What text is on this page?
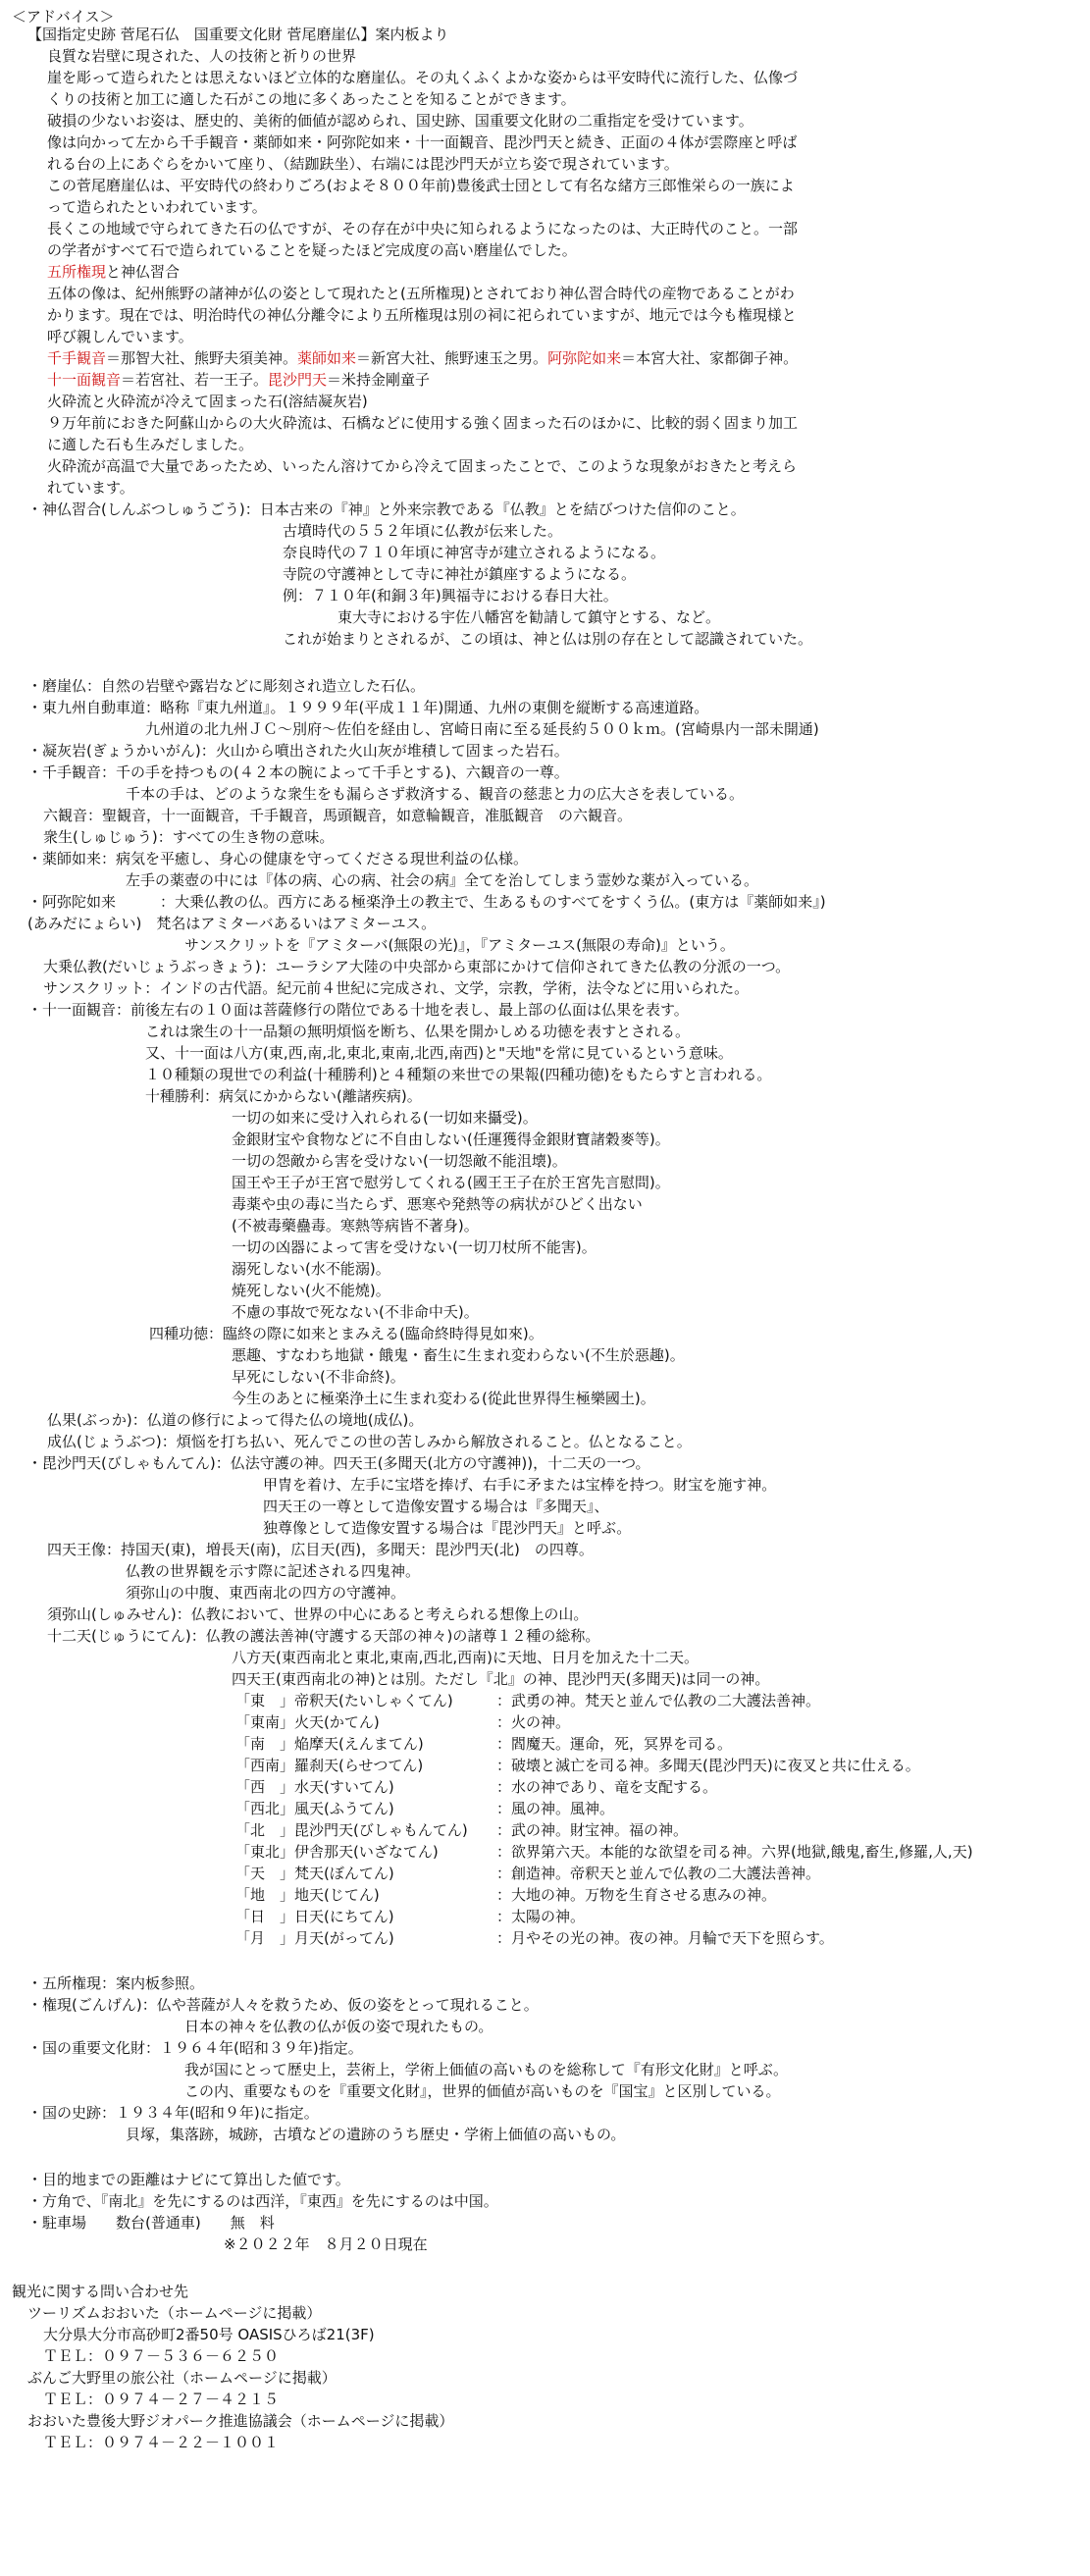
＜アドバイス＞
【国指定史跡 菅尾石仏　国重要文化財 菅尾磨崖仏】案内板より
良質な岩壁に現された、人の技術と祈りの世界
崖を彫って造られたとは思えないほど立体的な磨崖仏。その丸くふくよかな姿からは平安時代に流行した、仏像づ
くりの技術と加工に適した石がこの地に多くあったことを知ることができます。
破損の少ないお姿は、歴史的、美術的価値が認められ、国史跡、国重要文化財の二重指定を受けています。
像は向かって左から千手観音・薬師如来・阿弥陀如来・十一面観音、毘沙門天と続き、正面の４体が雲際座と呼ば
れる台の上にあぐらをかいて座り、（結跏趺坐）、右端には毘沙門天が立ち姿で現されています。
この菅尾磨崖仏は、平安時代の終わりごろ(およそ８００年前)豊後武士団として有名な緒方三郎惟栄らの一族によ
って造られたといわれています。
長くこの地域で守られてきた石の仏ですが、その存在が中央に知られるようになったのは、大正時代のこと。一部
の学者がすべて石で造られていることを疑ったほど完成度の高い磨崖仏でした。
五所権現と神仏習合
五体の像は、紀州熊野の諸神が仏の姿として現れたと(五所権現)とされており神仏習合時代の産物であることがわ
かります。現在では、明治時代の神仏分離令により五所権現は別の祠に祀られていますが、地元では今も権現様と
呼び親しんでいます。
千手観音＝那智大社、熊野夫須美神。薬師如来＝新宮大社、熊野速玉之男。阿弥陀如来＝本宮大社、家都御子神。
十一面観音＝若宮社、若一王子。毘沙門天＝米持金剛童子
火砕流と火砕流が冷えて固まった石(溶結凝灰岩)
９万年前におきた阿蘇山からの大火砕流は、石橋などに使用する強く固まった石のほかに、比較的弱く固まり加工
に適した石も生みだしました。
火砕流が高温で大量であったため、いったん溶けてから冷えて固まったことで、このような現象がおきたと考えら
れています。
・神仏習合(しんぶつしゅうごう)：日本古来の『神』と外来宗教である『仏教』とを結びつけた信仰のこと。
古墳時代の５５２年頃に仏教が伝来した。
奈良時代の７１０年頃に神宮寺が建立されるようになる。
寺院の守護神として寺に神社が鎮座するようになる。
例：７１０年(和銅３年)興福寺における春日大社。
東大寺における宇佐八幡宮を勧請して鎮守とする、など。
これが始まりとされるが、この頃は、神と仏は別の存在として認識されていた。
・磨崖仏：自然の岩壁や露岩などに彫刻され造立した石仏。
・東九州自動車道：略称『東九州道』。１９９９年(平成１１年)開通、九州の東側を縦断する高速道路。
九州道の北九州ＪＣ～別府～佐伯を経由し、宮崎日南に至る延長約５００ｋｍ。(宮崎県内一部未開通)
・凝灰岩(ぎょうかいがん)：火山から噴出された火山灰が堆積して固まった岩石。
・千手観音：千の手を持つもの(４２本の腕によって千手とする)、六観音の一尊。
千本の手は、どのような衆生をも漏らさず救済する、観音の慈悲と力の広大さを表している。
六観音：聖観音，十一面観音，千手観音，馬頭観音，如意輪観音，准胝観音　の六観音。
衆生(しゅじゅう)：すべての生き物の意味。
・薬師如来：病気を平癒し、身心の健康を守ってくださる現世利益の仏様。
左手の薬壺の中には『体の病、心の病、社会の病』全てを治してしまう霊妙な薬が入っている。
・阿弥陀如来　　　：大乗仏教の仏。西方にある極楽浄土の教主で、生あるものすべてをすくう仏。(東方は『薬師如来』)
(あみだにょらい)　梵名はアミターバあるいはアミターユス。
サンスクリットを『アミターバ(無限の光)』，『アミターユス(無限の寿命)』という。
大乗仏教(だいじょうぶっきょう)：ユーラシア大陸の中央部から東部にかけて信仰されてきた仏教の分派の一つ。
サンスクリット：インドの古代語。紀元前４世紀に完成され、文学，宗教，学術，法令などに用いられた。
・十一面観音：前後左右の１０面は菩薩修行の階位である十地を表し、最上部の仏面は仏果を表す。
これは衆生の十一品類の無明煩悩を断ち、仏果を開かしめる功徳を表すとされる。
又、十一面は八方(東,西,南,北,東北,東南,北西,南西)と"天地"を常に見ているという意味。
１０種類の現世での利益(十種勝利)と４種類の来世での果報(四種功徳)をもたらすと言われる。
十種勝利：病気にかからない(離諸疾病)。
一切の如来に受け入れられる(一切如来攝受)。
金銀財宝や食物などに不自由しない(任運獲得金銀財寶諸穀麥等)。
一切の怨敵から害を受けない(一切怨敵不能沮壊)。
国王や王子が王宮で慰労してくれる(國王王子在於王宮先言慰問)。
毒薬や虫の毒に当たらず、悪寒や発熱等の病状がひどく出ない
(不被毒藥蠱毒。寒熱等病皆不著身)。
一切の凶器によって害を受けない(一切刀杖所不能害)。
溺死しない(水不能溺)。
焼死しない(火不能燒)。
不慮の事故で死なない(不非命中夭)。
四種功徳：臨終の際に如来とまみえる(臨命終時得見如來)。
悪趣、すなわち地獄・餓鬼・畜生に生まれ変わらない(不生於惡趣)。
早死にしない(不非命終)。
今生のあとに極楽浄土に生まれ変わる(從此世界得生極樂國土)。
仏果(ぶっか)：仏道の修行によって得た仏の境地(成仏)。
成仏(じょうぶつ)：煩悩を打ち払い、死んでこの世の苦しみから解放されること。仏となること。
・毘沙門天(びしゃもんてん)：仏法守護の神。四天王(多聞天(北方の守護神))，十二天の一つ。
甲冑を着け、左手に宝塔を捧げ、右手に矛または宝棒を持つ。財宝を施す神。
四天王の一尊として造像安置する場合は『多聞天』、
独尊像として造像安置する場合は『毘沙門天』と呼ぶ。
四天王像：持国天(東)，増長天(南)，広目天(西)，多聞天：毘沙門天(北)　の四尊。
仏教の世界観を示す際に記述される四鬼神。
須弥山の中腹、東西南北の四方の守護神。
須弥山(しゅみせん)：仏教において、世界の中心にあると考えられる想像上の山。
十二天(じゅうにてん)：仏教の護法善神(守護する天部の神々)の諸尊１２種の総称。
八方天(東西南北と東北,東南,西北,西南)に天地、日月を加えた十二天。
四天王(東西南北の神)とは別。ただし『北』の神、毘沙門天(多聞天)は同一の神。
「東　」帝釈天(たいしゃくてん)	：武勇の神。梵天と並んで仏教の二大護法善神。
「東南」火天(かてん)	：火の神。
「南　」焔摩天(えんまてん)	：閻魔天。運命，死，冥界を司る。
「西南」羅刹天(らせつてん)	：破壊と滅亡を司る神。多聞天(毘沙門天)に夜叉と共に仕える。
「西　」水天(すいてん)	：水の神であり、竜を支配する。
「西北」風天(ふうてん)	：風の神。風神。
「北　」毘沙門天(びしゃもんてん) ：武の神。財宝神。福の神。
「東北」伊舎那天(いざなてん)	：欲界第六天。本能的な欲望を司る神。六界(地獄,餓鬼,畜生,修羅,人,天)
「天　」梵天(ぼんてん)	：創造神。帝釈天と並んで仏教の二大護法善神。
「地　」地天(じてん)	：大地の神。万物を生育させる恵みの神。
「日　」日天(にちてん)	：太陽の神。
「月　」月天(がってん)	：月やその光の神。夜の神。月輪で天下を照らす。
・五所権現：案内板参照。
・権現(ごんげん)：仏や菩薩が人々を救うため、仮の姿をとって現れること。
日本の神々を仏教の仏が仮の姿で現れたもの。
・国の重要文化財：１９６４年(昭和３９年)指定。
我が国にとって歴史上，芸術上，学術上価値の高いものを総称して『有形文化財』と呼ぶ。
この内、重要なものを『重要文化財』，世界的価値が高いものを『国宝』と区別している。
・国の史跡：１９３４年(昭和９年)に指定。
貝塚，集落跡，城跡，古墳などの遺跡のうち歴史・学術上価値の高いもの。
・目的地までの距離はナビにて算出した値です。
・方角で、『南北』を先にするのは西洋，『東西』を先にするのは中国。
・駐車場　　数台(普通車)　　無　料
※２０２２年　８月２０日現在
観光に関する問い合わせ先
ツーリズムおおいた（ホームページに掲載）
大分県大分市高砂町2番50号 OASISひろば21(3F)
ＴＥＬ：０９７－５３６－６２５０
ぶんご大野里の旅公社（ホームページに掲載）
ＴＥＬ：０９７４－２７－４２１５
おおいた豊後大野ジオパーク推進協議会（ホームページに掲載）
ＴＥＬ：０９７４－２２－１００１
